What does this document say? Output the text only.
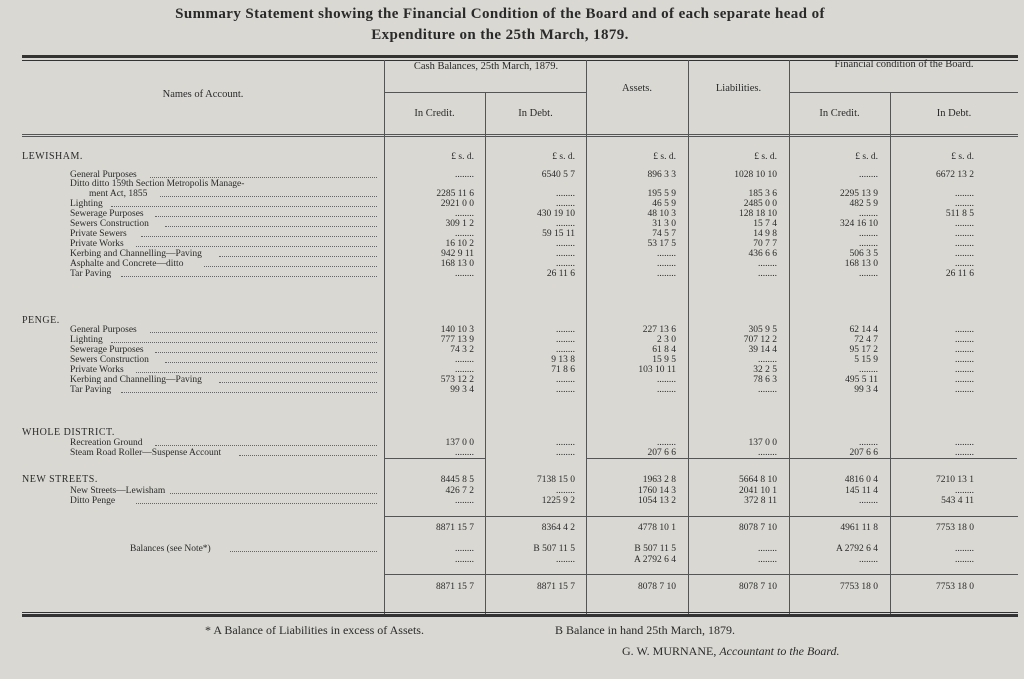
Summary Statement showing the Financial Condition of the Board and of each separate head of
Expenditure on the 25th March, 1879.
Names of Account.
Cash Balances, 25th March, 1879.
In Credit.	In Debt.
Assets.	Liabilities.
Financial condition of the Board.
In Credit.	In Debt.
LEWISHAM.	£ s. d.	£ s. d.	£ s. d.	£ s. d.	£ s. d.	£ s. d.
General Purposes	........	6540 5 7	896 3 3	1028 10 10	........	6672 13 2
Ditto ditto 159th Section Metropolis Manage-
ment Act, 1855	2285 11 6	........	195 5 9	185 3 6	2295 13 9	........
Lighting	2921 0 0	........	46 5 9	2485 0 0	482 5 9	........
Sewerage Purposes	........	430 19 10	48 10 3	128 18 10	........	511 8 5
Sewers Construction	309 1 2	........	31 3 0	15 7 4	324 16 10	........
Private Sewers	........	59 15 11	74 5 7	14 9 8	........	........
Private Works	16 10 2	........	53 17 5	70 7 7	........	........
Kerbing and Channelling—Paving	942 9 11	........	........	436 6 6	506 3 5	........
Asphalte and Concrete—ditto	168 13 0	........	........	........	168 13 0	........
Tar Paving	........	26 11 6	........	........	........	26 11 6
PENGE.
General Purposes	140 10 3	........	227 13 6	305 9 5	62 14 4	........
Lighting	777 13 9	........	2 3 0	707 12 2	72 4 7	........
Sewerage Purposes	74 3 2	........	61 8 4	39 14 4	95 17 2	........
Sewers Construction	........	9 13 8	15 9 5	........	5 15 9	........
Private Works	........	71 8 6	103 10 11	32 2 5	........	........
Kerbing and Channelling—Paving	573 12 2	........	........	78 6 3	495 5 11	........
Tar Paving	99 3 4	........	........	........	99 3 4	........
WHOLE DISTRICT.
Recreation Ground	137 0 0	........	........	137 0 0	........	........
Steam Road Roller—Suspense Account	........	........	207 6 6	........	207 6 6	........
NEW STREETS.	8445 8 5	7138 15 0	1963 2 8	5664 8 10	4816 0 4	7210 13 1
New Streets—Lewisham	426 7 2	........	1760 14 3	2041 10 1	145 11 4	........
Ditto Penge	........	1225 9 2	1054 13 2	372 8 11	........	543 4 11
8871 15 7	8364 4 2	4778 10 1	8078 7 10	4961 11 8	7753 18 0
Balances (see Note*)	........	B 507 11 5	B 507 11 5	........	A 2792 6 4	........
........	........	A 2792 6 4	........	........	........
8871 15 7	8871 15 7	8078 7 10	8078 7 10	7753 18 0	7753 18 0
* A Balance of Liabilities in excess of Assets.	B Balance in hand 25th March, 1879.
G. W. MURNANE, Accountant to the Board.
